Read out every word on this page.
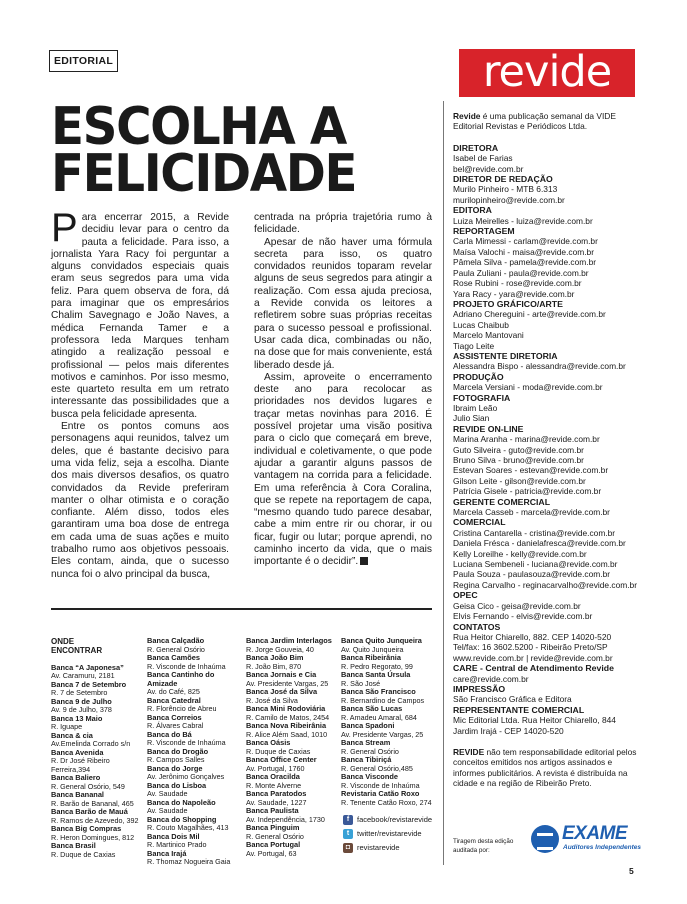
EDITORIAL
ESCOLHA A
FELICIDADE

Para encerrar 2015, a Revide decidiu levar para o centro da pauta a felicidade. Para isso, a jornalista Yara Racy foi perguntar a alguns convidados especiais quais eram seus segredos para uma vida feliz. Para quem observa de fora, dá para imaginar que os empresários Chalim Savegnago e João Naves, a médica Fernanda Tamer e a professora Ieda Marques tenham atingido a realização pessoal e profissional — pelos mais diferentes motivos e caminhos. Por isso mesmo, este quarteto resulta em um retrato interessante das possibilidades que a busca pela felicidade apresenta.

Entre os pontos comuns aos personagens aqui reunidos, talvez um deles, que é bastante decisivo para uma vida feliz, seja a escolha. Diante dos mais diversos desafios, os quatro convidados da Revide preferiram manter o olhar otimista e o coração confiante. Além disso, todos eles garantiram uma boa dose de entrega em cada uma de suas ações e muito trabalho rumo aos objetivos pessoais. Eles contam, ainda, que o sucesso nunca foi o alvo principal da busca,

centrada na própria trajetória rumo à felicidade.

Apesar de não haver uma fórmula secreta para isso, os quatro convidados reunidos toparam revelar alguns de seus segredos para atingir a realização. Com essa ajuda preciosa, a Revide convida os leitores a refletirem sobre suas próprias receitas para o sucesso pessoal e profissional. Usar cada dica, combinadas ou não, na dose que for mais conveniente, está liberado desde já.

Assim, aproveite o encerramento deste ano para recolocar as prioridades nos devidos lugares e traçar metas novinhas para 2016. É possível projetar uma visão positiva para o ciclo que começará em breve, individual e coletivamente, o que pode ajudar a garantir alguns passos de vantagem na corrida para a felicidade. Em uma referência à Cora Coralina, que se repete na reportagem de capa, “mesmo quando tudo parece desabar, cabe a mim entre rir ou chorar, ir ou ficar, fugir ou lutar; porque aprendi, no caminho incerto da vida, que o mais importante é o decidir”.

revide

Revide é uma publicação semanal da VIDE Editorial Revistas e Periódicos Ltda.

DIRETORA
Isabel de Farias
bel@revide.com.br
DIRETOR DE REDAÇÃO
Murilo Pinheiro - MTB 6.313
murilopinheiro@revide.com.br
EDITORA
Luiza Meirelles - luiza@revide.com.br
REPORTAGEM
Carla Mimessi - carlam@revide.com.br
Maísa Valochi - maisa@revide.com.br
Pâmela Silva - pamela@revide.com.br
Paula Zuliani - paula@revide.com.br
Rose Rubini - rose@revide.com.br
Yara Racy - yara@revide.com.br
PROJETO GRÁFICO/ARTE
Adriano Chereguini - arte@revide.com.br
Lucas Chaibub
Marcelo Mantovani
Tiago Leite
ASSISTENTE DIRETORIA
Alessandra Bispo - alessandra@revide.com.br
PRODUÇÃO
Marcela Versiani - moda@revide.com.br
FOTOGRAFIA
Ibraim Leão
Julio Sian
REVIDE ON-LINE
Marina Aranha - marina@revide.com.br
Guto Silveira - guto@revide.com.br
Bruno Silva - bruno@revide.com.br
Estevan Soares - estevan@revide.com.br
Gilson Leite - gilson@revide.com.br
Patrícia Gisele - patricia@revide.com.br
GERENTE COMERCIAL
Marcela Casseb - marcela@revide.com.br
COMERCIAL
Cristina Cantarella - cristina@revide.com.br
Daniela Frésca - danielafresca@revide.com.br
Kelly Loreilhe - kelly@revide.com.br
Luciana Sembeneli - luciana@revide.com.br
Paula Souza - paulasouza@revide.com.br
Regina Carvalho - reginacarvalho@revide.com.br
OPEC
Geisa Cico - geisa@revide.com.br
Elvis Fernando - elvis@revide.com.br
CONTATOS
Rua Heitor Chiarello, 882. CEP 14020-520
Tel/fax: 16 3602.5200 - Ribeirão Preto/SP
www.revide.com.br | revide@revide.com.br
CARE - Central de Atendimento Revide
care@revide.com.br
IMPRESSÃO
São Francisco Gráfica e Editora
REPRESENTANTE COMERCIAL
Mic Editorial Ltda. Rua Heitor Chiarello, 844
Jardim Irajá - CEP 14020-520

REVIDE não tem responsabilidade editorial pelos conceitos emitidos nos artigos assinados e informes publicitários. A revista é distribuída na cidade e na região de Ribeirão Preto.

ONDE
ENCONTRAR
Banca “A Japonesa”
Av. Caramuru, 2181
Banca 7 de Setembro
R. 7 de Setembro
Banca 9 de Julho
Av. 9 de Julho, 378
Banca 13 Maio
R. Iguape
Banca & cia
Av.Emelinda Corrado s/n
Banca Avenida
R. Dr José Ribeiro Ferreira,394
Banca Baliero
R. General Osório, 549
Banca Bananal
R. Barão de Bananal, 465
Banca Barão de Mauá
R. Ramos de Azevedo, 392
Banca Big Compras
R. Heron Domingues, 812
Banca Brasil
R. Duque de Caxias
Banca Calçadão
R. General Osório
Banca Camões
R. Visconde de Inhaúma
Banca Cantinho do Amizade
Av. do Café, 825
Banca Catedral
R. Florêncio de Abreu
Banca Correios
R. Álvares Cabral
Banca do Bá
R. Visconde de Inhaúma
Banca do Drogão
R. Campos Salles
Banca do Jorge
Av. Jerônimo Gonçalves
Banca do Lisboa
Av. Saudade
Banca do Napoleão
Av. Saudade
Banca do Shopping
R. Couto Magalhães, 413
Banca Dois Mil
R. Martinico Prado
Banca Irajá
R. Thomaz Nogueira Gaia
Banca Jardim Interlagos
R. Jorge Gouveia, 40
Banca João Bim
R. João Bim, 870
Banca Jornais e Cia
Av. Presidente Vargas, 25
Banca José da Silva
R. José da Silva
Banca Mini Rodoviária
R. Camilo de Matos, 2454
Banca Nova Ribeirânia
R. Alice Além Saad, 1010
Banca Oásis
R. Duque de Caxias
Banca Office Center
Av. Portugal, 1760
Banca Oracilda
R. Monte Alverne
Banca Paratodos
Av. Saudade, 1227
Banca Paulista
Av. Independência, 1730
Banca Pinguim
R. General Osório
Banca Portugal
Av. Portugal, 63
Banca Quito Junqueira
Av. Quito Junqueira
Banca Ribeirânia
R. Pedro Regorato, 99
Banca Santa Úrsula
R. São José
Banca São Francisco
R. Bernardino de Campos
Banca São Lucas
R. Amadeu Amaral, 684
Banca Spadoni
Av. Presidente Vargas, 25
Banca Stream
R. General Osório
Banca Tibiriçá
R. General Osório,485
Banca Visconde
R. Visconde de Inhaúma
Revistaria Catão Roxo
R. Tenente Catão Roxo, 274
f	facebook/revistarevide
t	twitter/revistarevide
◘ revistarevide
Tiragem desta edição auditada por:
EXAME
Auditores Independentes
5
